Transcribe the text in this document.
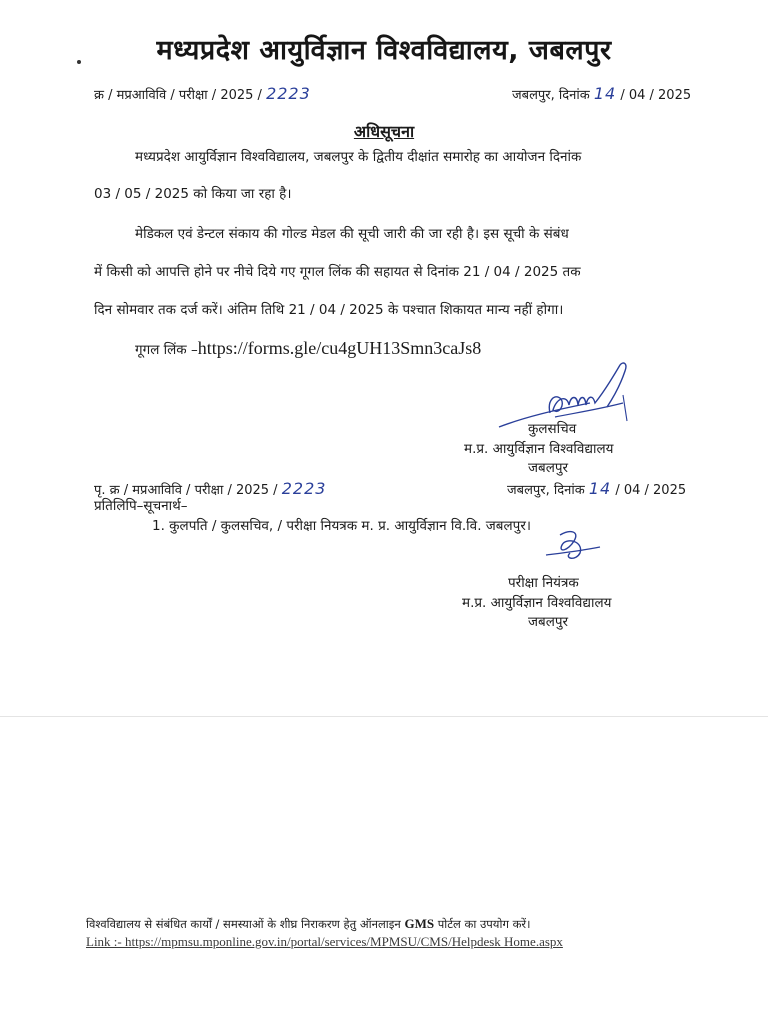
मध्यप्रदेश आयुर्विज्ञान विश्वविद्यालय, जबलपुर
क्र / मप्रआविवि / परीक्षा / 2025 / 2223	जबलपुर, दिनांक 14 / 04 / 2025
अधिसूचना
मध्यप्रदेश आयुर्विज्ञान विश्वविद्यालय, जबलपुर के द्वितीय दीक्षांत समारोह का आयोजन दिनांक
03 / 05 / 2025 को किया जा रहा है।
मेडिकल एवं डेन्टल संकाय की गोल्ड मेडल की सूची जारी की जा रही है। इस सूची के संबंध
में किसी को आपत्ति होने पर नीचे दिये गए गूगल लिंक की सहायत से दिनांक 21 / 04 / 2025 तक
दिन सोमवार तक दर्ज करें। अंतिम तिथि 21 / 04 / 2025 के पश्चात शिकायत मान्य नहीं होगा।
गूगल लिंक –https://forms.gle/cu4gUH13Smn3caJs8
कुलसचिव
म.प्र. आयुर्विज्ञान विश्वविद्यालय
जबलपुर
पृ. क्र / मप्रआविवि / परीक्षा / 2025 / 2223	जबलपुर, दिनांक 14 / 04 / 2025
प्रतिलिपि–सूचनार्थ–
1. कुलपति / कुलसचिव, / परीक्षा नियत्रक म. प्र. आयुर्विज्ञान वि.वि. जबलपुर।
परीक्षा नियंत्रक
म.प्र. आयुर्विज्ञान विश्वविद्यालय
जबलपुर
विश्वविद्यालय से संबंधित कार्यों / समस्याओं के शीघ्र निराकरण हेतु ऑनलाइन GMS पोर्टल का उपयोग करें।
Link :- https://mpmsu.mponline.gov.in/portal/services/MPMSU/CMS/Helpdesk Home.aspx
